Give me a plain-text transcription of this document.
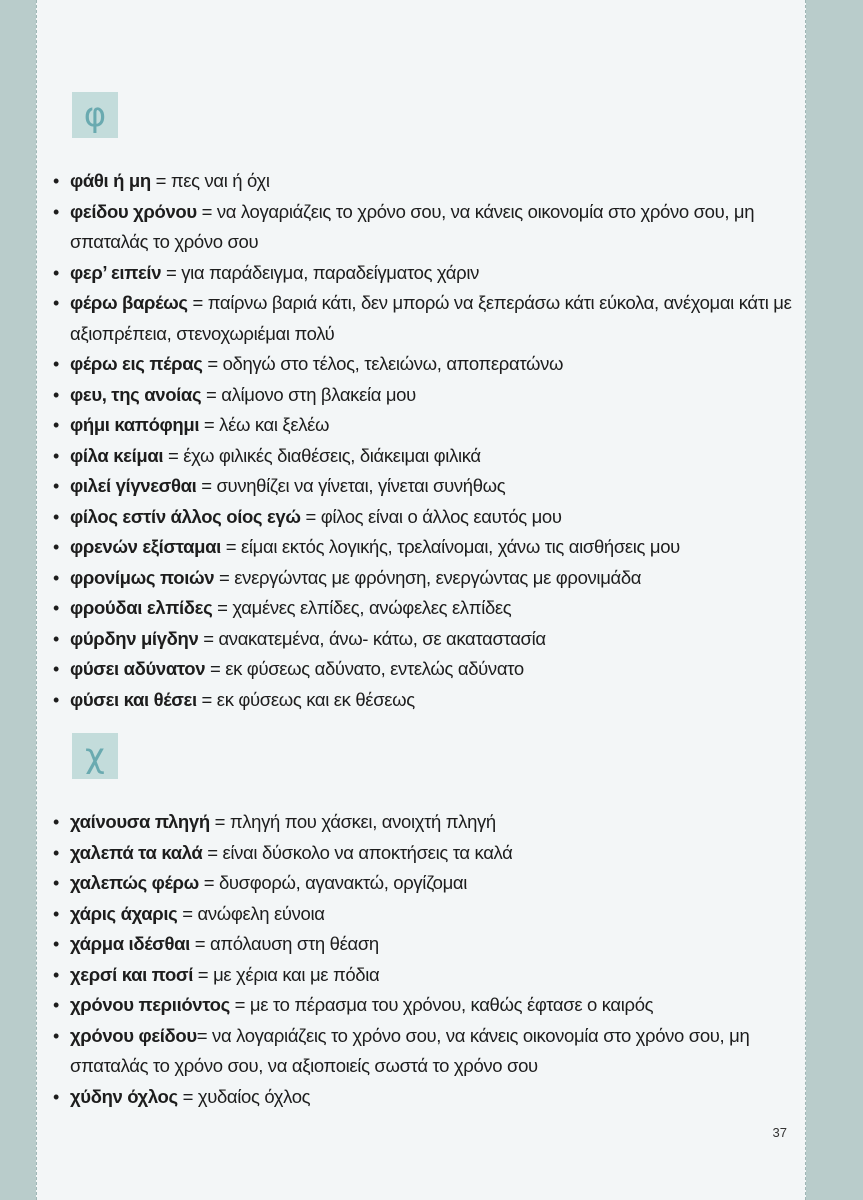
φ
• φάθι ή μη = πες ναι ή όχι
• φείδου χρόνου = να λογαριάζεις το χρόνο σου, να κάνεις οικονομία στο χρόνο σου, μη σπαταλάς το χρόνο σου
• φερ’ ειπείν = για παράδειγμα, παραδείγματος χάριν
• φέρω βαρέως = παίρνω βαριά κάτι, δεν μπορώ να ξεπεράσω κάτι εύκολα, ανέχομαι κάτι με αξιοπρέπεια, στενοχωριέμαι πολύ
• φέρω εις πέρας = οδηγώ στο τέλος, τελειώνω, αποπερατώνω
• φευ, της ανοίας = αλίμονο στη βλακεία μου
• φήμι καπόφημι = λέω και ξελέω
• φίλα κείμαι = έχω φιλικές διαθέσεις, διάκειμαι φιλικά
• φιλεί γίγνεσθαι = συνηθίζει να γίνεται, γίνεται συνήθως
• φίλος εστίν άλλος οίος εγώ = φίλος είναι ο άλλος εαυτός μου
• φρενών εξίσταμαι = είμαι εκτός λογικής, τρελαίνομαι, χάνω τις αισθήσεις μου
• φρονίμως ποιών = ενεργώντας με φρόνηση, ενεργώντας με φρονιμάδα
• φρούδαι ελπίδες = χαμένες ελπίδες, ανώφελες ελπίδες
• φύρδην μίγδην = ανακατεμένα, άνω- κάτω, σε ακαταστασία
• φύσει αδύνατον = εκ φύσεως αδύνατο, εντελώς αδύνατο
• φύσει και θέσει = εκ φύσεως και εκ θέσεως
χ
• χαίνουσα πληγή = πληγή που χάσκει, ανοιχτή πληγή
• χαλεπά τα καλά = είναι δύσκολο να αποκτήσεις τα καλά
• χαλεπώς φέρω = δυσφορώ, αγανακτώ, οργίζομαι
• χάρις άχαρις = ανώφελη εύνοια
• χάρμα ιδέσθαι = απόλαυση στη θέαση
• χερσί και ποσί = με χέρια και με πόδια
• χρόνου περιιόντος = με το πέρασμα του χρόνου, καθώς έφτασε ο καιρός
• χρόνου φείδου= να λογαριάζεις το χρόνο σου, να κάνεις οικονομία στο χρόνο σου, μη σπαταλάς το χρόνο σου, να αξιοποιείς σωστά το χρόνο σου
• χύδην όχλος = χυδαίος όχλος
37
